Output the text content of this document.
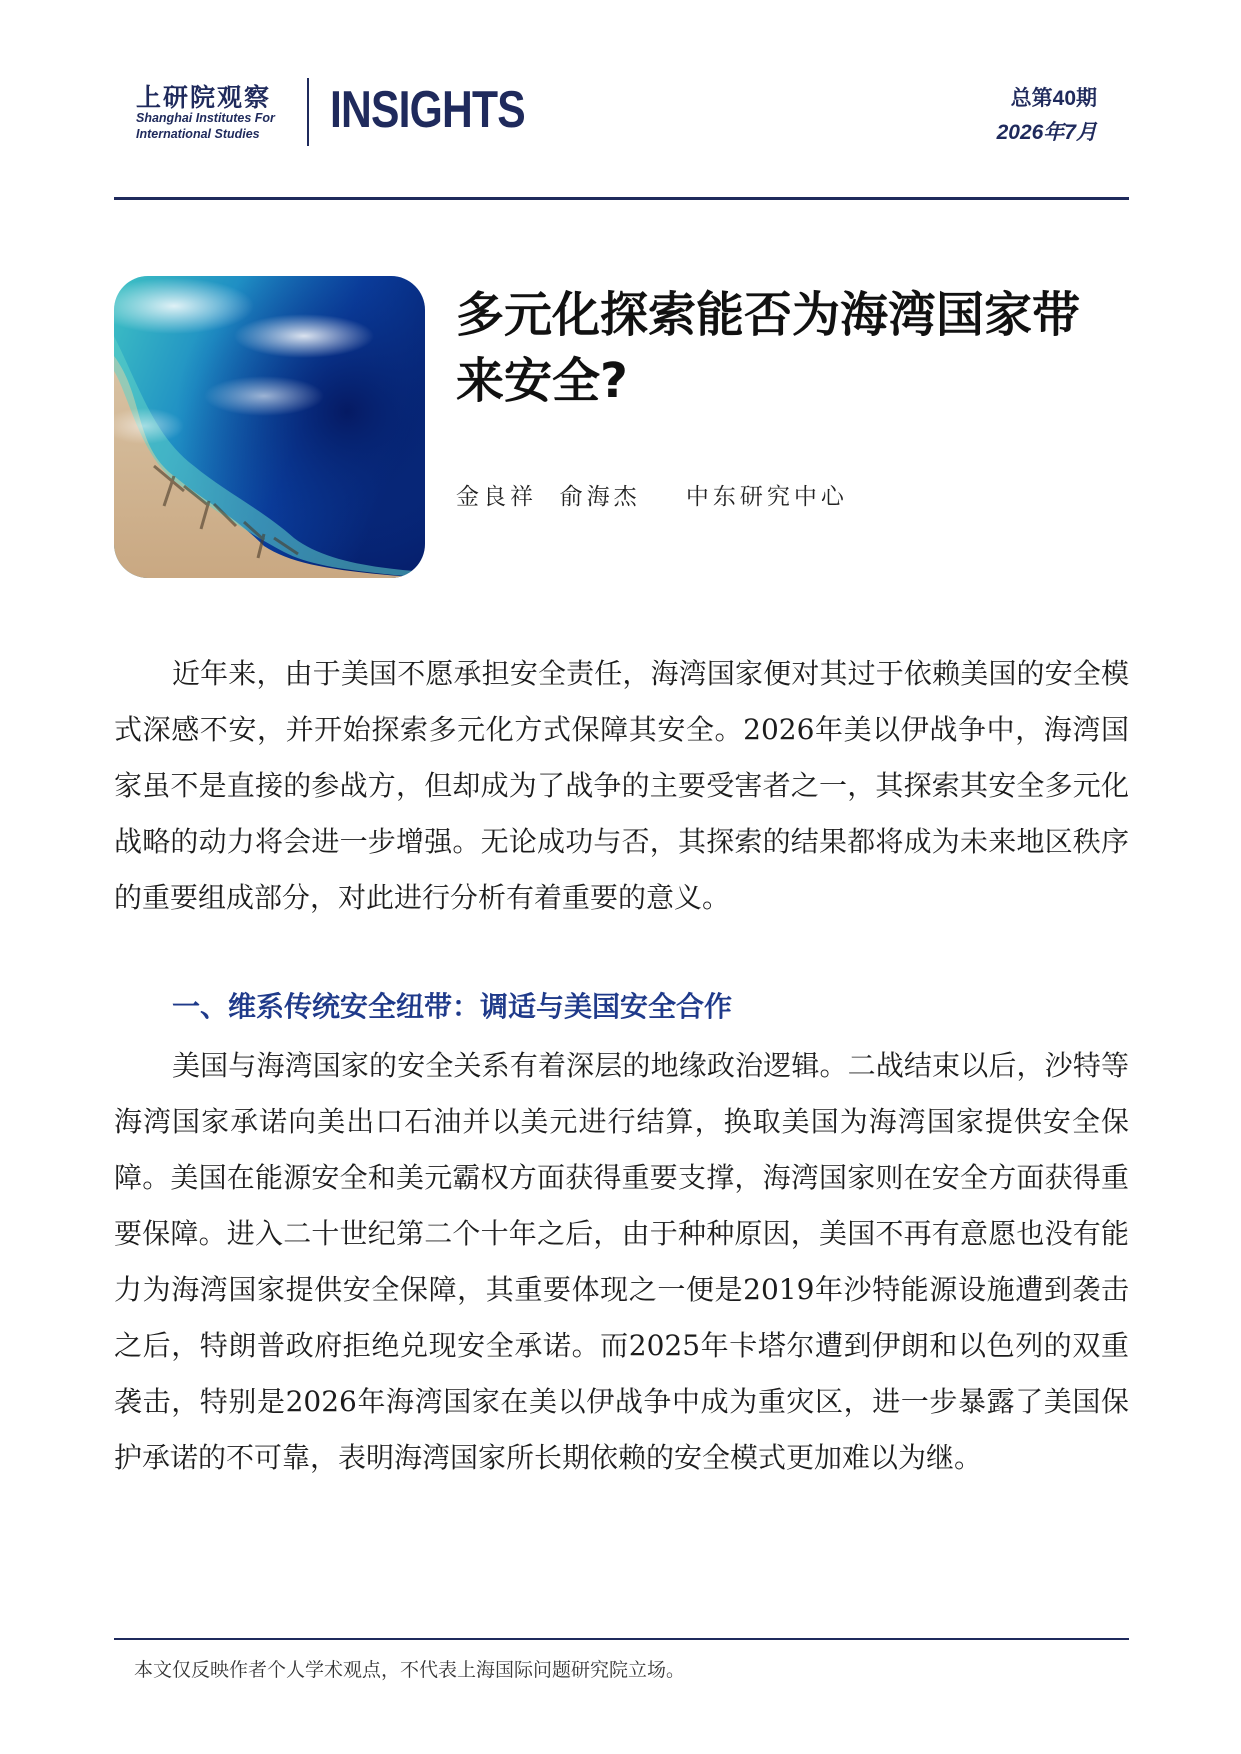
上研院观察
Shanghai Institutes For
International Studies INSIGHTS	总第40期
2026年7月
多元化探索能否为海湾国家带来安全?
金良祥  俞海杰    中东研究中心

近年来，由于美国不愿承担安全责任，海湾国家便对其过于依赖美国的安全模式深感不安，并开始探索多元化方式保障其安全。2026年美以伊战争中，海湾国家虽不是直接的参战方，但却成为了战争的主要受害者之一，其探索其安全多元化战略的动力将会进一步增强。无论成功与否，其探索的结果都将成为未来地区秩序的重要组成部分，对此进行分析有着重要的意义。

一、维系传统安全纽带：调适与美国安全合作

美国与海湾国家的安全关系有着深层的地缘政治逻辑。二战结束以后，沙特等海湾国家承诺向美出口石油并以美元进行结算，换取美国为海湾国家提供安全保障。美国在能源安全和美元霸权方面获得重要支撑，海湾国家则在安全方面获得重要保障。进入二十世纪第二个十年之后，由于种种原因，美国不再有意愿也没有能力为海湾国家提供安全保障，其重要体现之一便是2019年沙特能源设施遭到袭击之后，特朗普政府拒绝兑现安全承诺。而2025年卡塔尔遭到伊朗和以色列的双重袭击，特别是2026年海湾国家在美以伊战争中成为重灾区，进一步暴露了美国保护承诺的不可靠，表明海湾国家所长期依赖的安全模式更加难以为继。

本文仅反映作者个人学术观点，不代表上海国际问题研究院立场。
